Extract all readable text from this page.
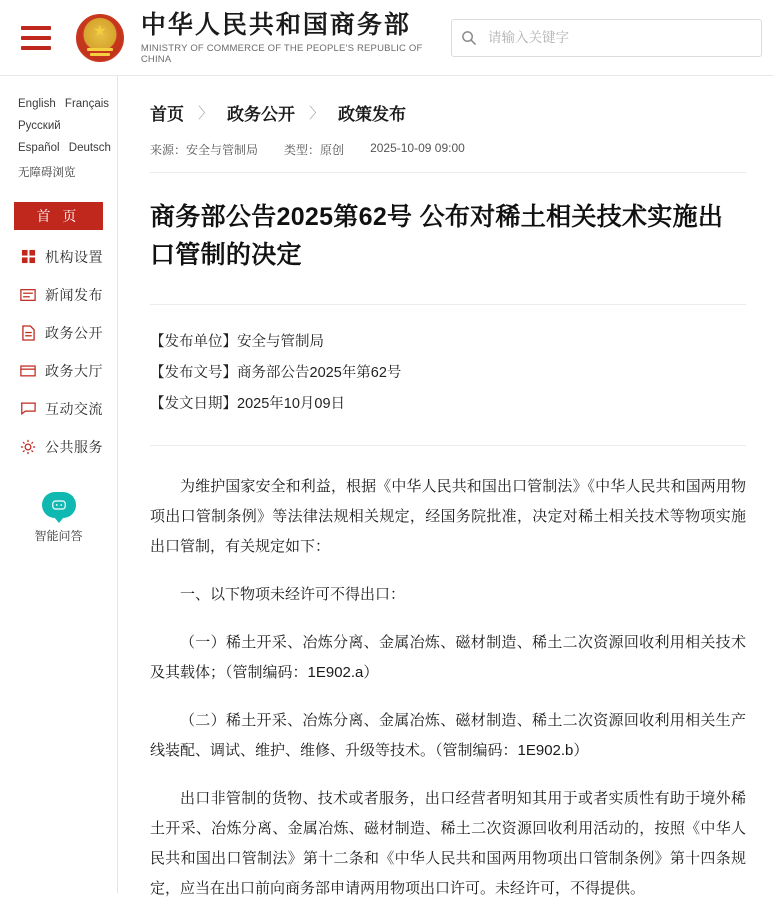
★ 中华人民共和国商务部
MINISTRY OF COMMERCE OF THE PEOPLE'S REPUBLIC OF CHINA
请输入关键字
English Français
Русский
Español Deutsch
无障碍浏览
首 页
机构设置
新闻发布
政务公开
政务大厅
互动交流
公共服务
智能问答
首页 〉 政务公开 〉 政策发布
来源：安全与管制局 类型：原创 2025-10-09 09:00
商务部公告2025第62号 公布对稀土相关技术实施出口管制的决定
【发布单位】安全与管制局
【发布文号】商务部公告2025年第62号
【发文日期】2025年10月09日

为维护国家安全和利益，根据《中华人民共和国出口管制法》《中华人民共和国两用物项出口管制条例》等法律法规相关规定，经国务院批准，决定对稀土相关技术等物项实施出口管制，有关规定如下：

一、以下物项未经许可不得出口：

（一）稀土开采、冶炼分离、金属冶炼、磁材制造、稀土二次资源回收利用相关技术及其载体；（管制编码：1E902.a）

（二）稀土开采、冶炼分离、金属冶炼、磁材制造、稀土二次资源回收利用相关生产线装配、调试、维护、维修、升级等技术。（管制编码：1E902.b）

出口非管制的货物、技术或者服务，出口经营者明知其用于或者实质性有助于境外稀土开采、冶炼分离、金属冶炼、磁材制造、稀土二次资源回收利用活动的，按照《中华人民共和国出口管制法》第十二条和《中华人民共和国两用物项出口管制条例》第十四条规定，应当在出口前向商务部申请两用物项出口许可。未经许可，不得提供。
